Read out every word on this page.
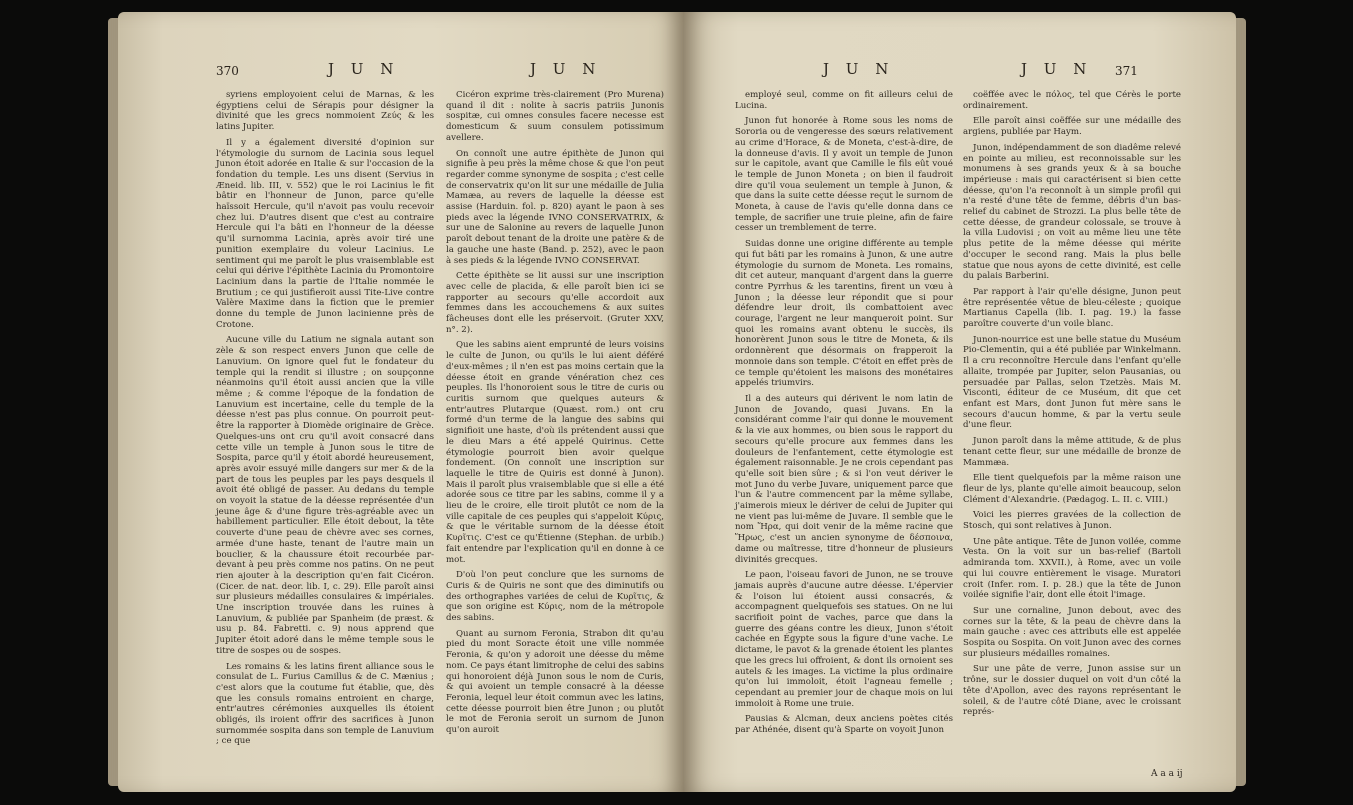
370	J U N	J U N

syriens employoient celui de Marnas, & les égyptiens celui de Sérapis pour désigner la divinité que les grecs nommoient Ζεύς & les latins Jupiter.

Il y a également diversité d'opinion sur l'étymologie du surnom de Lacinia sous lequel Junon étoit adorée en Italie & sur l'occasion de la fondation du temple. Les uns disent (Servius in Æneid. lib. III, v. 552) que le roi Lacinius le fit bâtir en l'honneur de Junon, parce qu'elle haïssoit Hercule, qu'il n'avoit pas voulu recevoir chez lui. D'autres disent que c'est au contraire Hercule qui l'a bâti en l'honneur de la déesse qu'il surnomma Lacinia, après avoir tiré une punition exemplaire du voleur Lacinius. Le sentiment qui me paroît le plus vraisemblable est celui qui dérive l'épithète Lacinia du Promontoire Lacinium dans la partie de l'Italie nommée le Brutium ; ce qui justifieroit aussi Tite-Live contre Valère Maxime dans la fiction que le premier donne du temple de Junon lacinienne près de Crotone.

Aucune ville du Latium ne signala autant son zèle & son respect envers Junon que celle de Lanuvium. On ignore quel fut le fondateur du temple qui la rendit si illustre ; on soupçonne néanmoins qu'il étoit aussi ancien que la ville même ; & comme l'époque de la fondation de Lanuvium est incertaine, celle du temple de la déesse n'est pas plus connue. On pourroit peut-être la rapporter à Diomède originaire de Grèce. Quelques-uns ont cru qu'il avoit consacré dans cette ville un temple à Junon sous le titre de Sospita, parce qu'il y étoit abordé heureusement, après avoir essuyé mille dangers sur mer & de la part de tous les peuples par les pays desquels il avoit été obligé de passer. Au dedans du temple on voyoit la statue de la déesse représentée d'un jeune âge & d'une figure très-agréable avec un habillement particulier. Elle étoit debout, la tête couverte d'une peau de chèvre avec ses cornes, armée d'une haste, tenant de l'autre main un bouclier, & la chaussure étoit recourbée par-devant à peu près comme nos patins. On ne peut rien ajouter à la description qu'en fait Cicéron. (Cicer. de nat. deor. lib. I, c. 29). Elle paroît ainsi sur plusieurs médailles consulaires & impériales. Une inscription trouvée dans les ruines à Lanuvium, & publiée par Spanheim (de præst. & usu p. 84. Fabretti. c. 9) nous apprend que Jupiter étoit adoré dans le même temple sous le titre de sospes ou de sospes.

Les romains & les latins firent alliance sous le consulat de L. Furius Camillus & de C. Mænius ; c'est alors que la coutume fut établie, que, dès que les consuls romains entroient en charge, entr'autres cérémonies auxquelles ils étoient obligés, ils iroient offrir des sacrifices à Junon surnommée sospita dans son temple de Lanuvium ; ce que

Cicéron exprime très-clairement (Pro Murena) quand il dit : nolite à sacris patriis Junonis sospitæ, cui omnes consules facere necesse est domesticum & suum consulem potissimum avellere.

On connoît une autre épithète de Junon qui signifie à peu près la même chose & que l'on peut regarder comme synonyme de sospita ; c'est celle de conservatrix qu'on lit sur une médaille de Julia Mamæa, au revers de laquelle la déesse est assise (Harduin. fol. p. 820) ayant le paon à ses pieds avec la légende IVNO CONSERVATRIX, & sur une de Salonine au revers de laquelle Junon paroît debout tenant de la droite une patère & de la gauche une haste (Band. p. 252), avec le paon à ses pieds & la légende IVNO CONSERVAT.

Cette épithète se lit aussi sur une inscription avec celle de placida, & elle paroît bien ici se rapporter au secours qu'elle accordoit aux femmes dans les accouchemens & aux suites fâcheuses dont elle les préservoit. (Gruter XXV, n°. 2).

Que les sabins aient emprunté de leurs voisins le culte de Junon, ou qu'ils le lui aient déféré d'eux-mêmes ; il n'en est pas moins certain que la déesse étoit en grande vénération chez ces peuples. Ils l'honoroient sous le titre de curis ou curitis surnom que quelques auteurs & entr'autres Plutarque (Quæst. rom.) ont cru formé d'un terme de la langue des sabins qui signifioit une haste, d'où ils prétendent aussi que le dieu Mars a été appelé Quirinus. Cette étymologie pourroit bien avoir quelque fondement. (On connoît une inscription sur laquelle le titre de Quiris est donné à Junon). Mais il paroît plus vraisemblable que si elle a été adorée sous ce titre par les sabins, comme il y a lieu de le croire, elle tiroit plutôt ce nom de la ville capitale de ces peuples qui s'appeloit Κύρις, & que le véritable surnom de la déesse étoit Κυρῖτις. C'est ce qu'Étienne (Stephan. de urbib.) fait entendre par l'explication qu'il en donne à ce mot.

D'où l'on peut conclure que les surnoms de Curis & de Quiris ne sont que des diminutifs ou des orthographes variées de celui de Κυρῖτις, & que son origine est Κύρις, nom de la métropole des sabins.

Quant au surnom Feronia, Strabon dit qu'au pied du mont Soracte étoit une ville nommée Feronia, & qu'on y adoroit une déesse du même nom. Ce pays étant limitrophe de celui des sabins qui honoroient déjà Junon sous le nom de Curis, & qui avoient un temple consacré à la déesse Feronia, lequel leur étoit commun avec les latins, cette déesse pourroit bien être Junon ; ou plutôt le mot de Feronia seroit un surnom de Junon qu'on auroit

J U N	J U N 371

employé seul, comme on fit ailleurs celui de Lucina.

Junon fut honorée à Rome sous les noms de Sororia ou de vengeresse des sœurs relativement au crime d'Horace, & de Moneta, c'est-à-dire, de la donneuse d'avis. Il y avoit un temple de Junon sur le capitole, avant que Camille le fils eût voué le temple de Junon Moneta ; on bien il faudroit dire qu'il voua seulement un temple à Junon, & que dans la suite cette déesse reçut le surnom de Moneta, à cause de l'avis qu'elle donna dans ce temple, de sacrifier une truie pleine, afin de faire cesser un tremblement de terre.

Suidas donne une origine différente au temple qui fut bâti par les romains à Junon, & une autre étymologie du surnom de Moneta. Les romains, dit cet auteur, manquant d'argent dans la guerre contre Pyrrhus & les tarentins, firent un vœu à Junon ; la déesse leur répondit que si pour défendre leur droit, ils combattoient avec courage, l'argent ne leur manqueroit point. Sur quoi les romains avant obtenu le succès, ils honorèrent Junon sous le titre de Moneta, & ils ordonnèrent que désormais on frapperoit la monnoie dans son temple. C'étoit en effet près de ce temple qu'étoient les maisons des monétaires appelés triumvirs.

Il a des auteurs qui dérivent le nom latin de Junon de Jovando, quasi Juvans. En la considérant comme l'air qui donne le mouvement & la vie aux hommes, ou bien sous le rapport du secours qu'elle procure aux femmes dans les douleurs de l'enfantement, cette étymologie est également raisonnable. Je ne crois cependant pas qu'elle soit bien sûre ; & si l'on veut dériver le mot Juno du verbe Juvare, uniquement parce que l'un & l'autre commencent par la même syllabe, j'aimerois mieux le dériver de celui de Jupiter qui ne vient pas lui-même de Juvare. Il semble que le nom Ἥρα, qui doit venir de la même racine que Ἥρως, c'est un ancien synonyme de δέσποινα, dame ou maîtresse, titre d'honneur de plusieurs divinités grecques.

Le paon, l'oiseau favori de Junon, ne se trouve jamais auprès d'aucune autre déesse. L'épervier & l'oison lui étoient aussi consacrés, & accompagnent quelquefois ses statues. On ne lui sacrifioit point de vaches, parce que dans la guerre des géans contre les dieux, Junon s'étoit cachée en Égypte sous la figure d'une vache. Le dictame, le pavot & la grenade étoient les plantes que les grecs lui offroient, & dont ils ornoient ses autels & les images. La victime la plus ordinaire qu'on lui immoloit, étoit l'agneau femelle ; cependant au premier jour de chaque mois on lui immoloit à Rome une truie.

Pausias & Alcman, deux anciens poètes cités par Athénée, disent qu'à Sparte on voyoit Junon

coëffée avec le πόλος, tel que Cérès le porte ordinairement.

Elle paroît ainsi coëffée sur une médaille des argiens, publiée par Haym.

Junon, indépendamment de son diadême relevé en pointe au milieu, est reconnoissable sur les monumens à ses grands yeux & à sa bouche impérieuse : mais qui caractérisent si bien cette déesse, qu'on l'a reconnoît à un simple profil qui n'a resté d'une tête de femme, débris d'un bas-relief du cabinet de Strozzi. La plus belle tête de cette déesse, de grandeur colossale, se trouve à la villa Ludovisi ; on voit au même lieu une tête plus petite de la même déesse qui mérite d'occuper le second rang. Mais la plus belle statue que nous ayons de cette divinité, est celle du palais Barberini.

Par rapport à l'air qu'elle désigne, Junon peut être représentée vêtue de bleu-céleste ; quoique Martianus Capella (lib. I. pag. 19.) la fasse paroître couverte d'un voile blanc.

Junon-nourrice est une belle statue du Muséum Pio-Clementin, qui a été publiée par Winkelmann. Il a cru reconnoître Hercule dans l'enfant qu'elle allaite, trompée par Jupiter, selon Pausanias, ou persuadée par Pallas, selon Tzetzès. Mais M. Visconti, éditeur de ce Muséum, dit que cet enfant est Mars, dont Junon fut mère sans le secours d'aucun homme, & par la vertu seule d'une fleur.

Junon paroît dans la même attitude, & de plus tenant cette fleur, sur une médaille de bronze de Mammæa.

Elle tient quelquefois par la même raison une fleur de lys, plante qu'elle aimoit beaucoup, selon Clément d'Alexandrie. (Pædagog. L. II. c. VIII.)

Voici les pierres gravées de la collection de Stosch, qui sont relatives à Junon.

Une pâte antique. Tête de Junon voilée, comme Vesta. On la voit sur un bas-relief (Bartoli admiranda tom. XXVII.), à Rome, avec un voile qui lui couvre entièrement le visage. Muratori croit (Infer. rom. I. p. 28.) que la tête de Junon voilée signifie l'air, dont elle étoit l'image.

Sur une cornaline, Junon debout, avec des cornes sur la tête, & la peau de chèvre dans la main gauche : avec ces attributs elle est appelée Sospita ou Sospita. On voit Junon avec des cornes sur plusieurs médailles romaines.

Sur une pâte de verre, Junon assise sur un trône, sur le dossier duquel on voit d'un côté la tête d'Apollon, avec des rayons représentant le soleil, & de l'autre côté Diane, avec le croissant représ-

A a a ij
